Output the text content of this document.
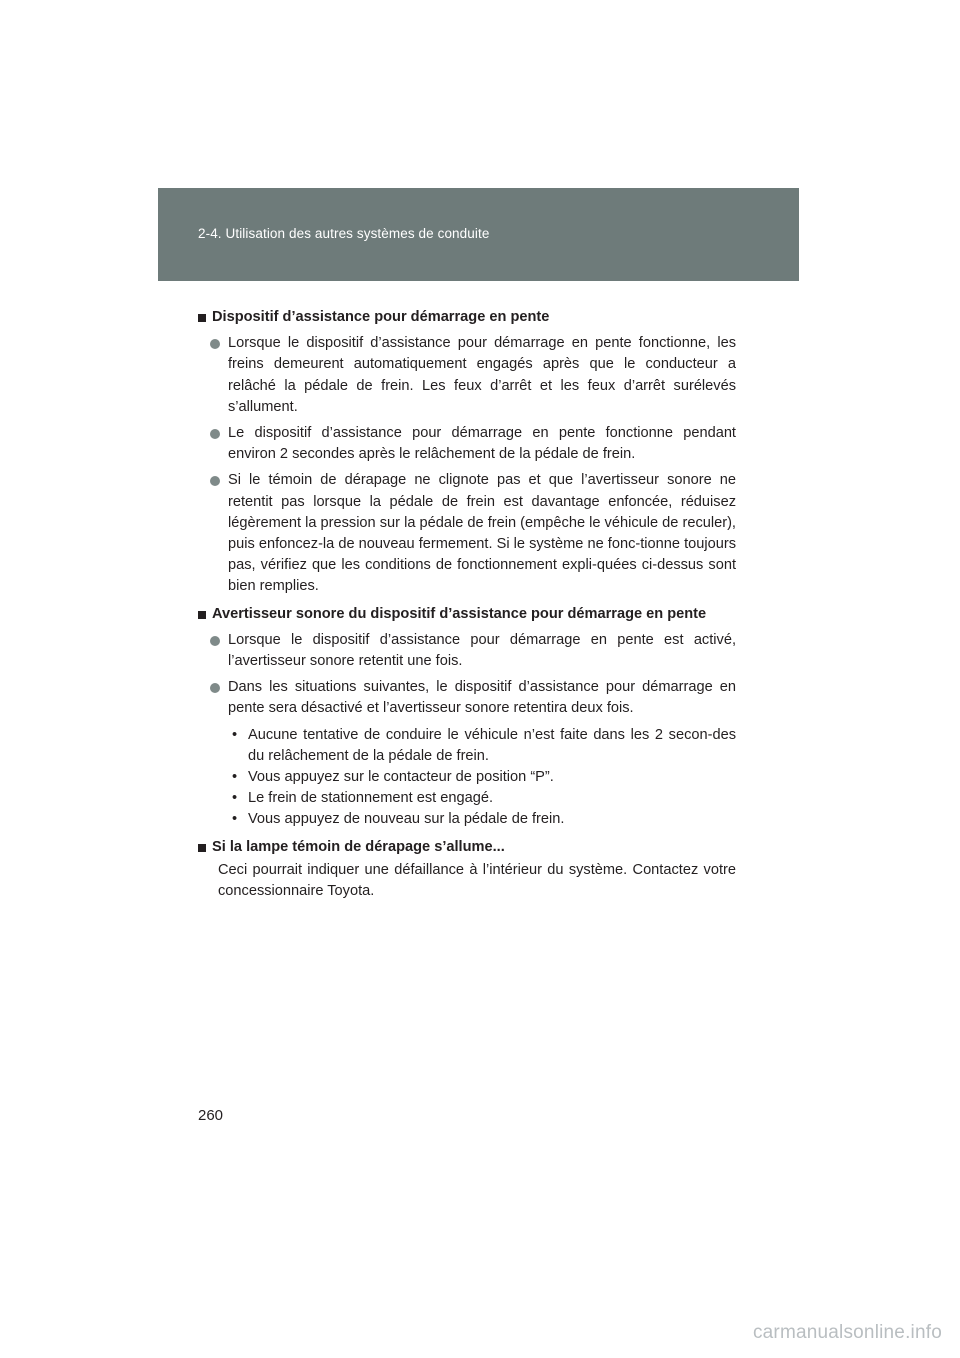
2-4. Utilisation des autres systèmes de conduite
Dispositif d’assistance pour démarrage en pente
Lorsque le dispositif d’assistance pour démarrage en pente fonctionne, les freins demeurent automatiquement engagés après que le conducteur a relâché la pédale de frein. Les feux d’arrêt et les feux d’arrêt surélevés s’allument.
Le dispositif d’assistance pour démarrage en pente fonctionne pendant environ 2 secondes après le relâchement de la pédale de frein.
Si le témoin de dérapage ne clignote pas et que l’avertisseur sonore ne retentit pas lorsque la pédale de frein est davantage enfoncée, réduisez légèrement la pression sur la pédale de frein (empêche le véhicule de reculer), puis enfoncez-la de nouveau fermement. Si le système ne fonc-tionne toujours pas, vérifiez que les conditions de fonctionnement expli-quées ci-dessus sont bien remplies.
Avertisseur sonore du dispositif d’assistance pour démarrage en pente
Lorsque le dispositif d’assistance pour démarrage en pente est activé, l’avertisseur sonore retentit une fois.
Dans les situations suivantes, le dispositif d’assistance pour démarrage en pente sera désactivé et l’avertisseur sonore retentira deux fois.
• Aucune tentative de conduire le véhicule n’est faite dans les 2 secon-des du relâchement de la pédale de frein.
• Vous appuyez sur le contacteur de position “P”.
• Le frein de stationnement est engagé.
• Vous appuyez de nouveau sur la pédale de frein.
Si la lampe témoin de dérapage s’allume...
Ceci pourrait indiquer une défaillance à l’intérieur du système. Contactez votre concessionnaire Toyota.
260
carmanualsonline.info
